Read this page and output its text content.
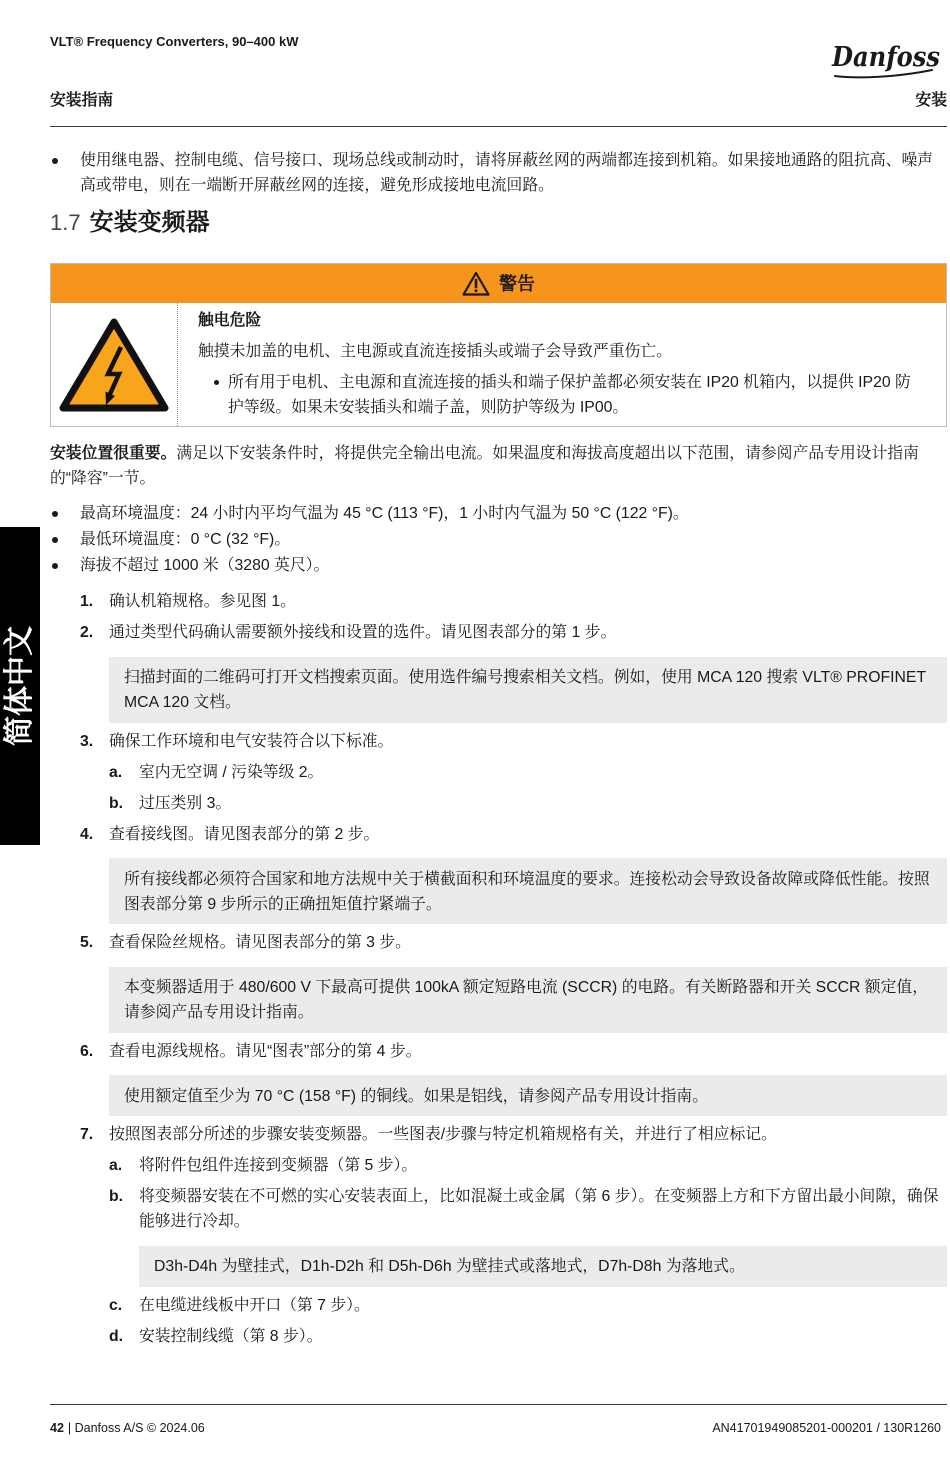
VLT® Frequency Converters, 90–400 kW
Danfoss
安装指南	安装
简体中文
使用继电器、控制电缆、信号接口、现场总线或制动时，请将屏蔽丝网的两端都连接到机箱。如果接地通路的阻抗高、噪声高或带电，则在一端断开屏蔽丝网的连接，避免形成接地电流回路。
1.7 安装变频器
警告
触电危险
触摸未加盖的电机、主电源或直流连接插头或端子会导致严重伤亡。
所有用于电机、主电源和直流连接的插头和端子保护盖都必须安装在 IP20 机箱内，以提供 IP20 防护等级。如果未安装插头和端子盖，则防护等级为 IP00。
安装位置很重要。满足以下安装条件时，将提供完全输出电流。如果温度和海拔高度超出以下范围，请参阅产品专用设计指南的“降容”一节。
最高环境温度：24 小时内平均气温为 45 °C (113 °F)，1 小时内气温为 50 °C (122 °F)。
最低环境温度：0 °C (32 °F)。
海拔不超过 1000 米（3280 英尺）。
1. 确认机箱规格。参见图 1。
2. 通过类型代码确认需要额外接线和设置的选件。请见图表部分的第 1 步。
扫描封面的二维码可打开文档搜索页面。使用选件编号搜索相关文档。例如，使用 MCA 120 搜索 VLT® PROFINET MCA 120 文档。
3. 确保工作环境和电气安装符合以下标准。
a. 室内无空调 / 污染等级 2。
b. 过压类别 3。
4. 查看接线图。请见图表部分的第 2 步。
所有接线都必须符合国家和地方法规中关于横截面积和环境温度的要求。连接松动会导致设备故障或降低性能。按照图表部分第 9 步所示的正确扭矩值拧紧端子。
5. 查看保险丝规格。请见图表部分的第 3 步。
本变频器适用于 480/600 V 下最高可提供 100kA 额定短路电流 (SCCR) 的电路。有关断路器和开关 SCCR 额定值，请参阅产品专用设计指南。
6. 查看电源线规格。请见“图表”部分的第 4 步。
使用额定值至少为 70 °C (158 °F) 的铜线。如果是铝线，请参阅产品专用设计指南。
7. 按照图表部分所述的步骤安装变频器。一些图表/步骤与特定机箱规格有关，并进行了相应标记。
a. 将附件包组件连接到变频器（第 5 步）。
b. 将变频器安装在不可燃的实心安装表面上，比如混凝土或金属（第 6 步）。在变频器上方和下方留出最小间隙，确保能够进行冷却。
D3h-D4h 为壁挂式，D1h-D2h 和 D5h-D6h 为壁挂式或落地式，D7h-D8h 为落地式。
c. 在电缆进线板中开口（第 7 步）。
d. 安装控制线缆（第 8 步）。
42 | Danfoss A/S © 2024.06	AN41701949085201-000201 / 130R1260
